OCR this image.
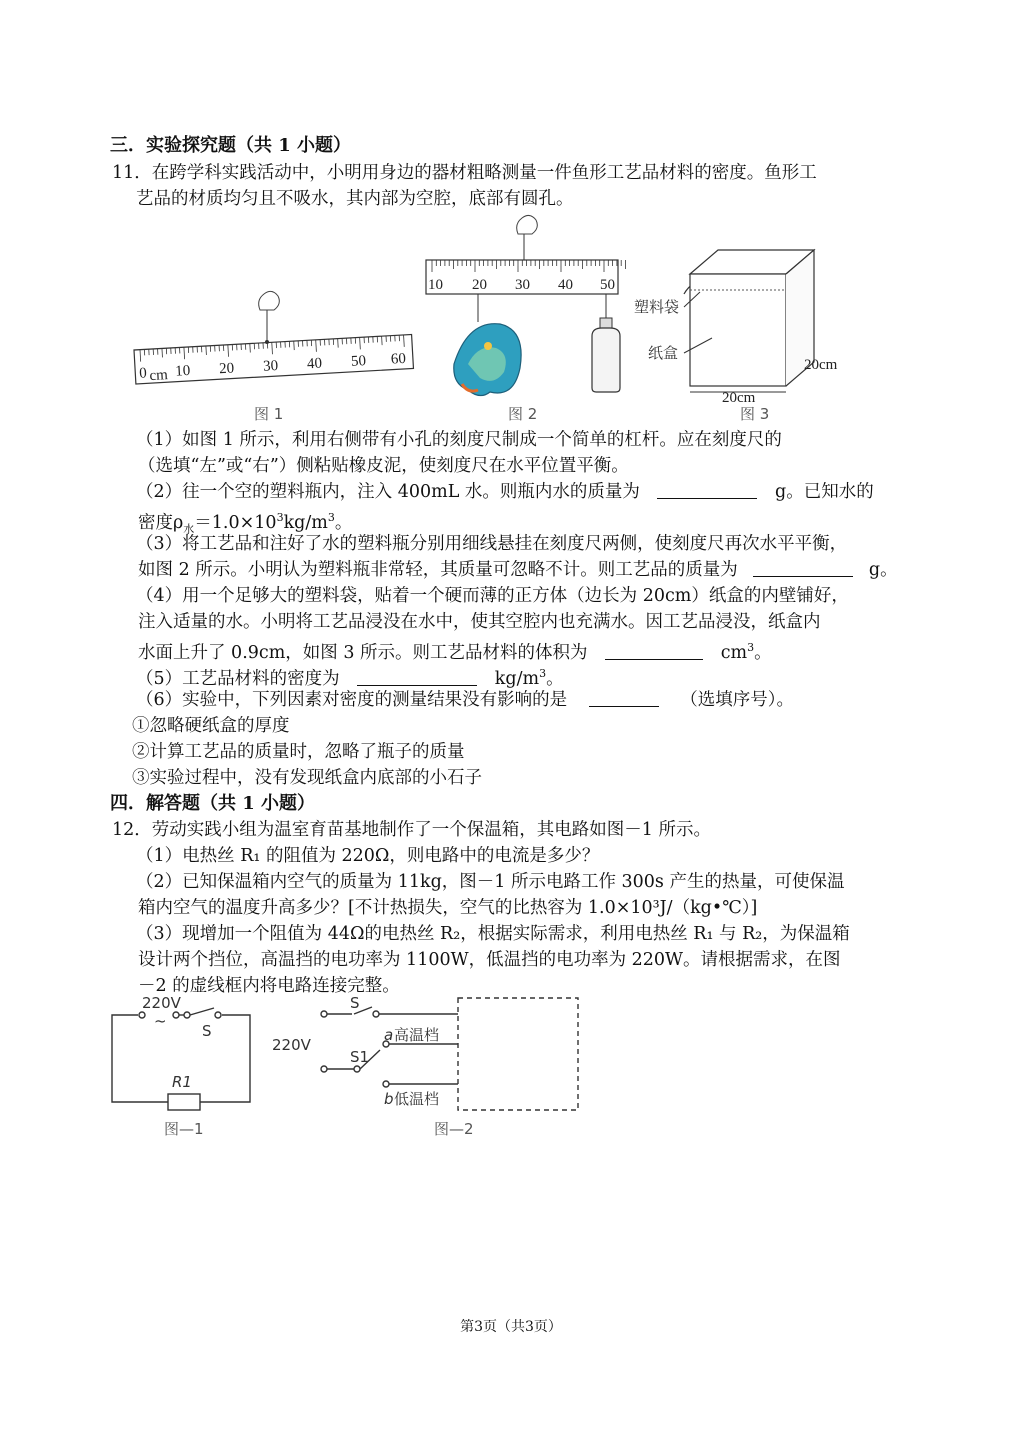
三．实验探究题（共 1 小题）
11．在跨学科实践活动中，小明用身边的器材粗略测量一件鱼形工艺品材料的密度。鱼形工
艺品的材质均匀且不吸水，其内部为空腔，底部有圆孔。
0 cm 10 20 30 40 50 60
图 1
10 20 30 40 50
图 2
塑料袋
纸盒
20cm
20cm
图 3
（1）如图 1 所示，利用右侧带有小孔的刻度尺制成一个简单的杠杆。应在刻度尺的
（选填“左”或“右”）侧粘贴橡皮泥，使刻度尺在水平位置平衡。
（2）往一个空的塑料瓶内，注入 400mL 水。则瓶内水的质量为	g。已知水的
密度$\rho_水=1.0\times 10^3kg/m^3$。
（3）将工艺品和注好了水的塑料瓶分别用细线悬挂在刻度尺两侧，使刻度尺再次水平平衡，
如图 2 所示。小明认为塑料瓶非常轻，其质量可忽略不计。则工艺品的质量为	g。
（4）用一个足够大的塑料袋，贴着一个硬而薄的正方体（边长为 20cm）纸盒的内壁铺好，
注入适量的水。小明将工艺品浸没在水中，使其空腔内也充满水。因工艺品浸没，纸盒内
水面上升了 0.9cm，如图 3 所示。则工艺品材料的体积为	$cm^3$。
（5）工艺品材料的密度为	$kg/m^3$。
（6）实验中，下列因素对密度的测量结果没有影响的是	（选填序号）。
①忽略硬纸盒的厚度
②计算工艺品的质量时，忽略了瓶子的质量
③实验过程中，没有发现纸盒内底部的小石子
四．解答题（共 1 小题）
12．劳动实践小组为温室育苗基地制作了一个保温箱，其电路如图－1 所示。
（1）电热丝 R₁ 的阻值为 220Ω，则电路中的电流是多少？
（2）已知保温箱内空气的质量为 11kg，图－1 所示电路工作 300s 产生的热量，可使保温
箱内空气的温度升高多少？[不计热损失，空气的比热容为 1.0×10³J/（kg•℃）]
（3）现增加一个阻值为 44Ω的电热丝 R₂，根据实际需求，利用电热丝 R₁ 与 R₂，为保温箱
设计两个挡位，高温挡的电功率为 1100W，低温挡的电功率为 220W。请根据需求，在图
－2 的虚线框内将电路连接完整。
220V
~
S
R1
图—1
S
220V
S1
a 高温档
b 低温档
图—2
第3页（共3页）
